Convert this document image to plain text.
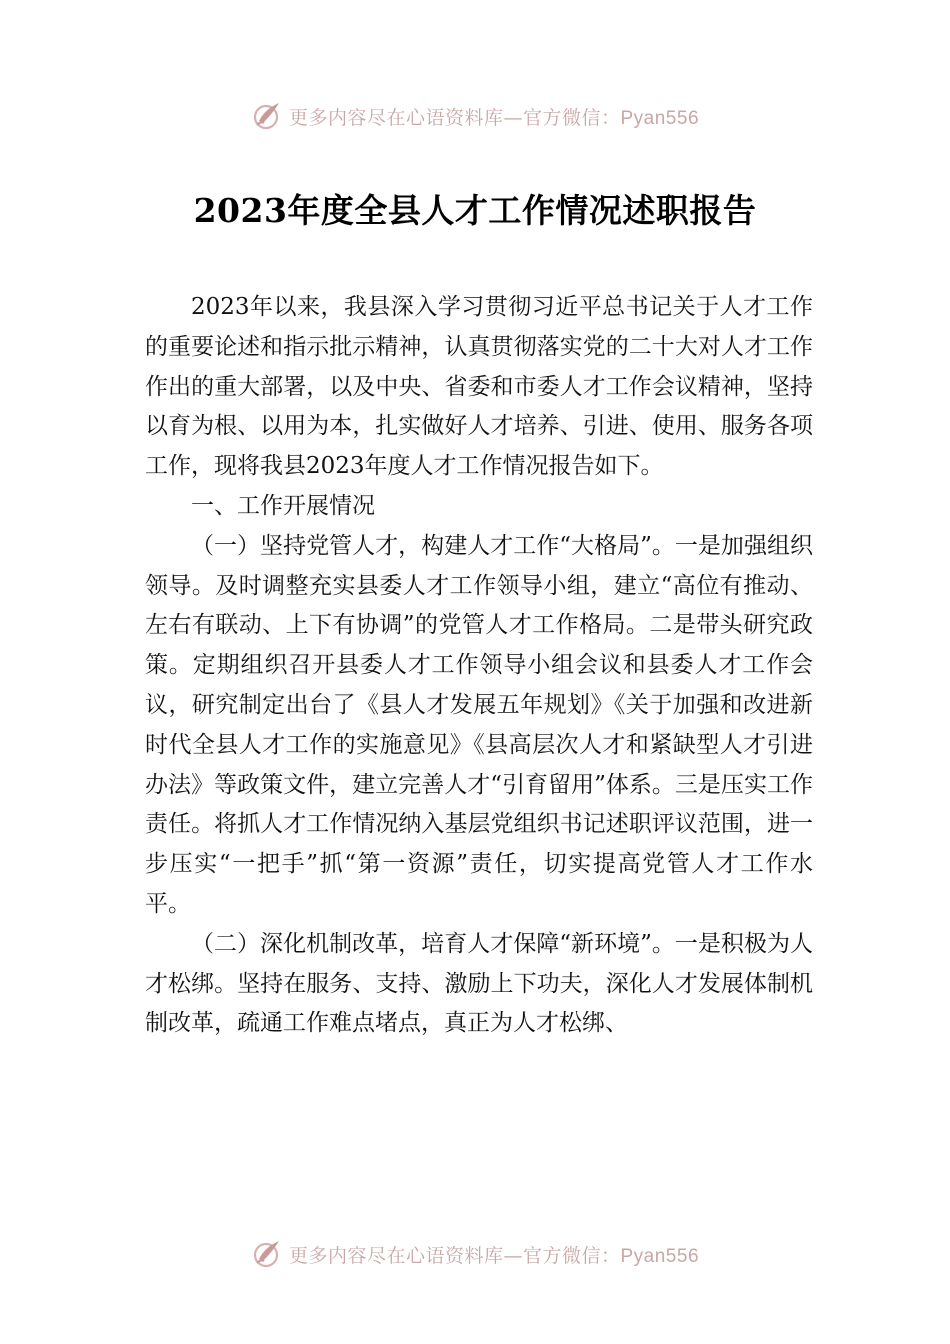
更多内容尽在心语资料库—官方微信：Pyan556
2023年度全县人才工作情况述职报告

2023年以来，我县深入学习贯彻习近平总书记关于人才工作的重要论述和指示批示精神，认真贯彻落实党的二十大对人才工作作出的重大部署，以及中央、省委和市委人才工作会议精神，坚持以育为根、以用为本，扎实做好人才培养、引进、使用、服务各项工作，现将我县2023年度人才工作情况报告如下。

一、工作开展情况

（一）坚持党管人才，构建人才工作“大格局”。一是加强组织领导。及时调整充实县委人才工作领导小组，建立“高位有推动、左右有联动、上下有协调”的党管人才工作格局。二是带头研究政策。定期组织召开县委人才工作领导小组会议和县委人才工作会议，研究制定出台了《县人才发展五年规划》《关于加强和改进新时代全县人才工作的实施意见》《县高层次人才和紧缺型人才引进办法》等政策文件，建立完善人才“引育留用”体系。三是压实工作责任。将抓人才工作情况纳入基层党组织书记述职评议范围，进一步压实“一把手”抓“第一资源”责任，切实提高党管人才工作水平。

（二）深化机制改革，培育人才保障“新环境”。一是积极为人才松绑。坚持在服务、支持、激励上下功夫，深化人才发展体制机制改革，疏通工作难点堵点，真正为人才松绑、

更多内容尽在心语资料库—官方微信：Pyan556
